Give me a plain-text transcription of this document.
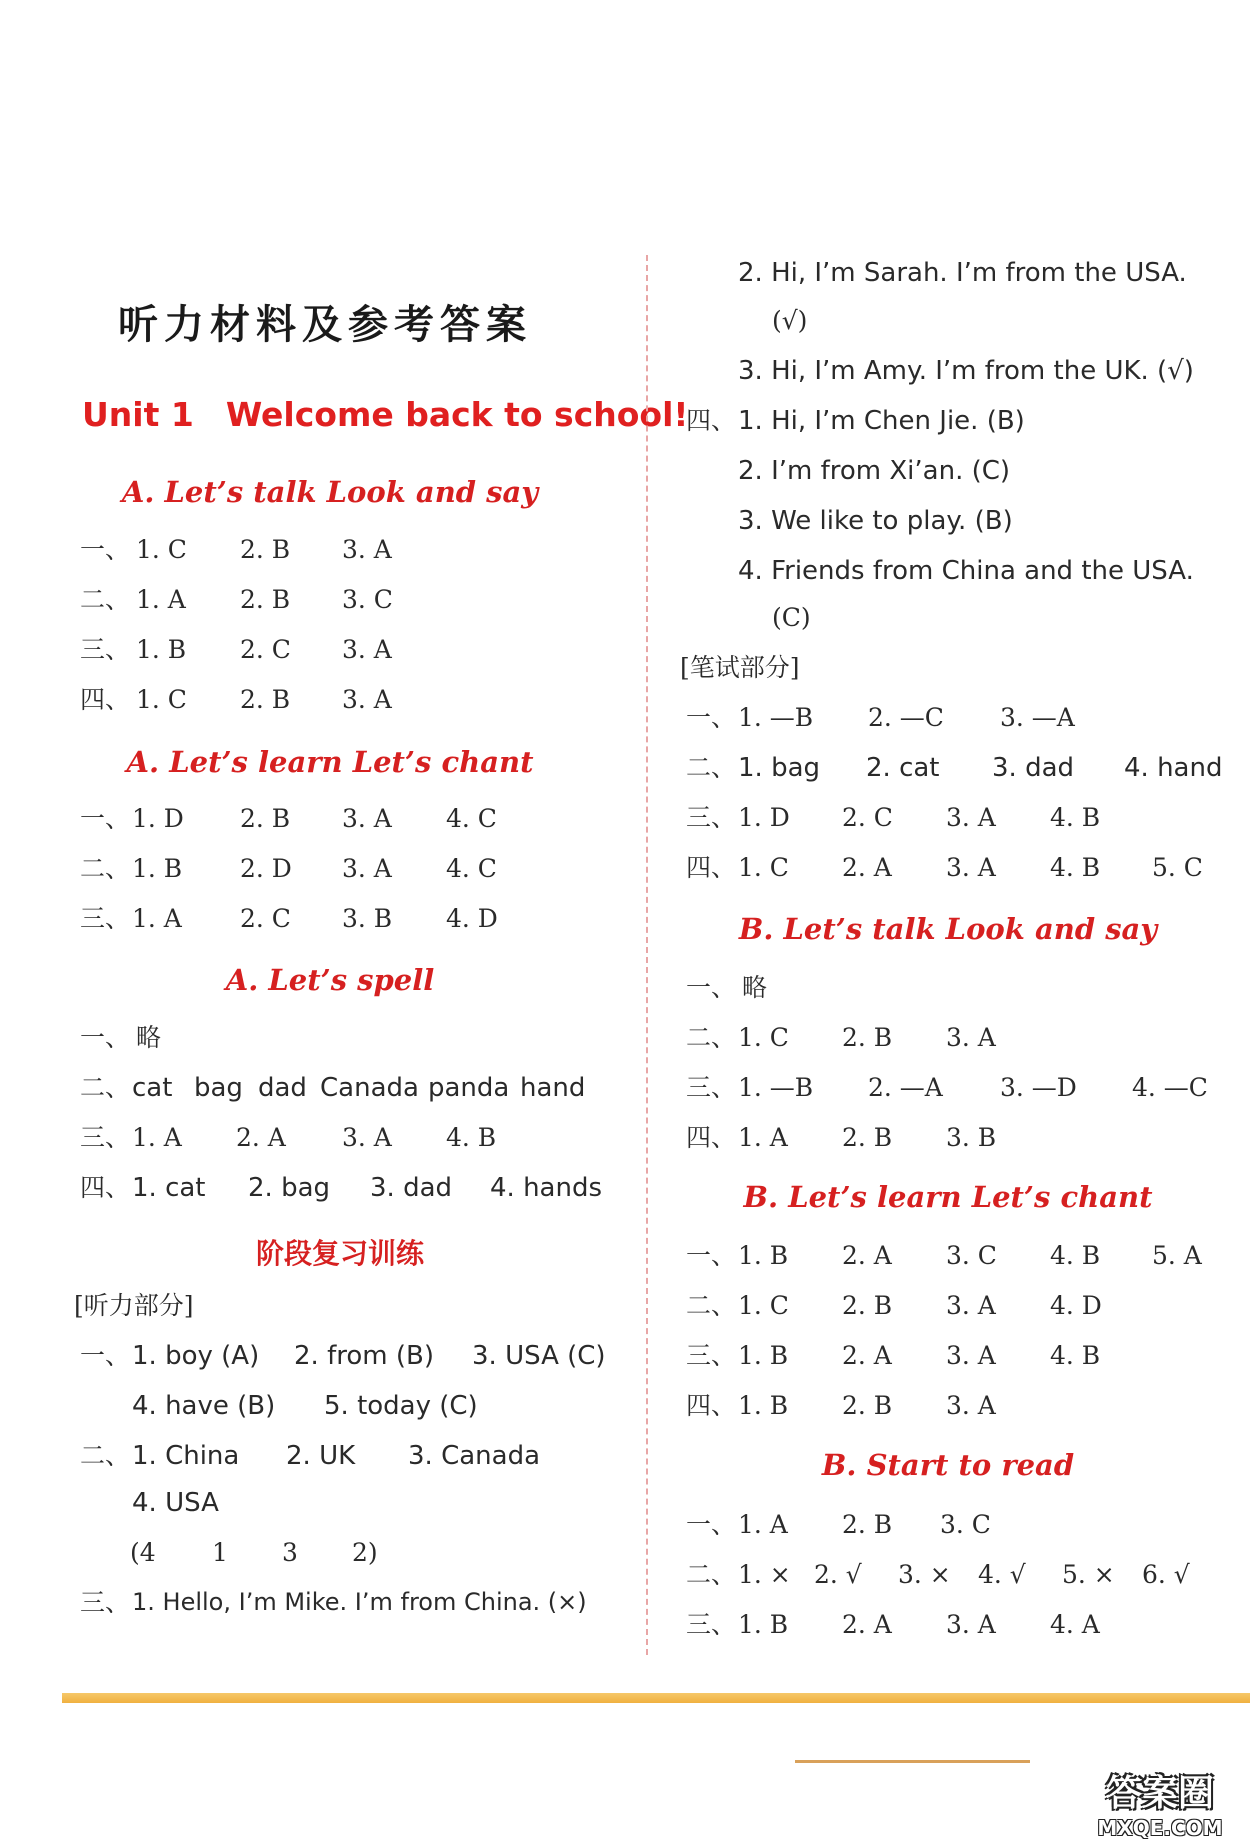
听力材料及参考答案
Unit 1 Welcome back to school!
A. Let’s talk Look and say
一、 1. C 2. B 3. A
二、 1. A 2. B 3. C
三、 1. B 2. C 3. A
四、 1. C 2. B 3. A
A. Let’s learn Let’s chant
一、 1. D 2. B 3. A 4. C
二、 1. B 2. D 3. A 4. C
三、 1. A 2. C 3. B 4. D
A. Let’s spell
一、 略
二、 cat bag dad Canada panda hand
三、 1. A 2. A 3. A 4. B
四、 1. cat 2. bag 3. dad 4. hands
阶段复习训练
[听力部分]
一、 1. boy (A) 2. from (B) 3. USA (C)
4. have (B) 5. today (C)
二、 1. China 2. UK 3. Canada
4. USA
(4 1 3 2)
三、 1. Hello, I’m Mike. I’m from China. (×)
2. Hi, I’m Sarah. I’m from the USA.
(√)
3. Hi, I’m Amy. I’m from the UK. (√)
四、 1. Hi, I’m Chen Jie. (B)
2. I’m from Xi’an. (C)
3. We like to play. (B)
4. Friends from China and the USA.
(C)
[笔试部分]
一、 1. —B 2. —C 3. —A
二、 1. bag 2. cat 3. dad 4. hand
三、 1. D 2. C 3. A 4. B
四、 1. C 2. A 3. A 4. B 5. C
B. Let’s talk Look and say
一、 略
二、 1. C 2. B 3. A
三、 1. —B 2. —A 3. —D 4. —C
四、 1. A 2. B 3. B
B. Let’s learn Let’s chant
一、 1. B 2. A 3. C 4. B 5. A
二、 1. C 2. B 3. A 4. D
三、 1. B 2. A 3. A 4. B
四、 1. B 2. B 3. A
B. Start to read
一、 1. A 2. B 3. C
二、 1. × 2. √ 3. × 4. √ 5. × 6. √
三、 1. B 2. A 3. A 4. A
答案圈
MXQE.COM
